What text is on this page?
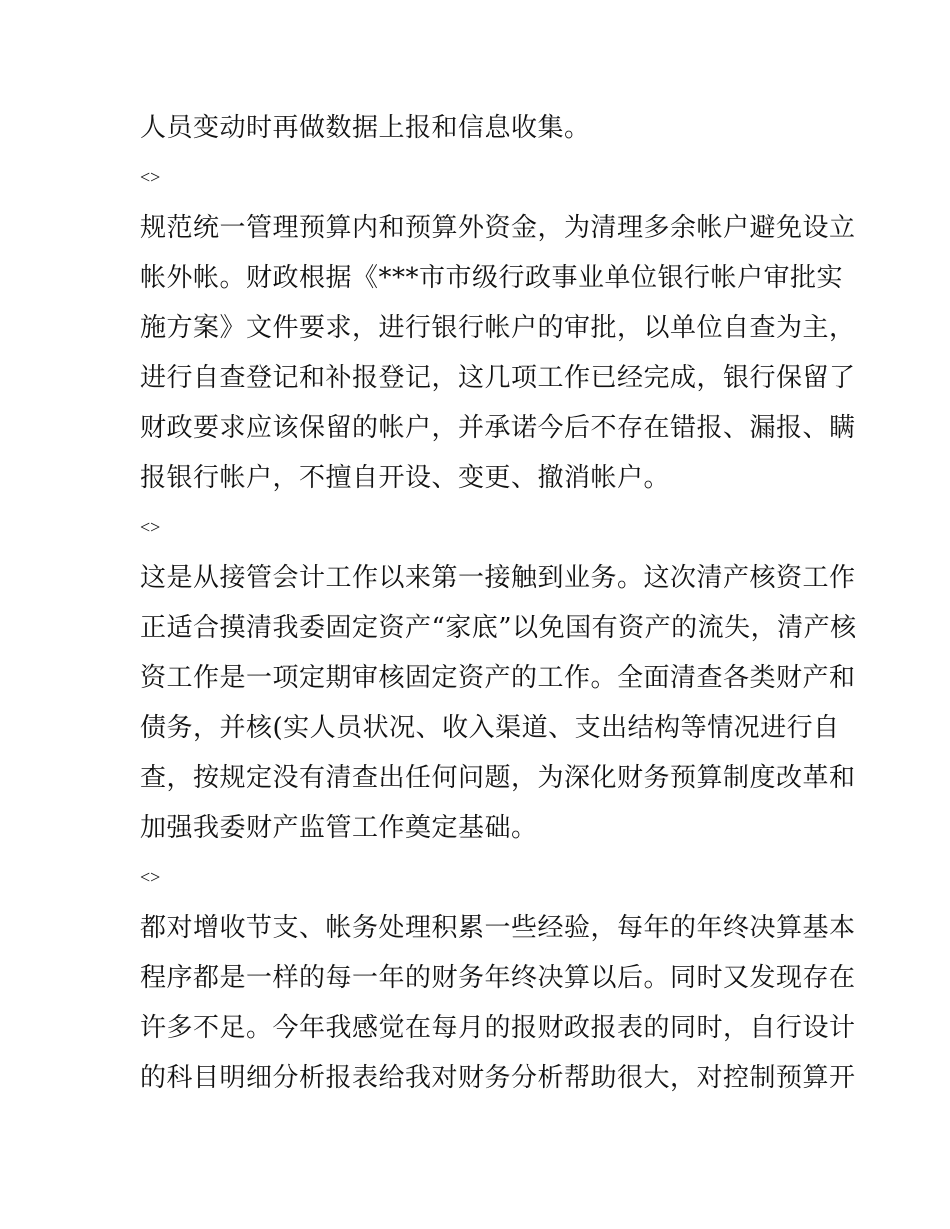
人员变动时再做数据上报和信息收集。
<>
规范统一管理预算内和预算外资金，为清理多余帐户避免设立
帐外帐。财政根据《***市市级行政事业单位银行帐户审批实
施方案》文件要求，进行银行帐户的审批，以单位自查为主，
进行自查登记和补报登记，这几项工作已经完成，银行保留了
财政要求应该保留的帐户，并承诺今后不存在错报、漏报、瞒
报银行帐户，不擅自开设、变更、撤消帐户。
<>
这是从接管会计工作以来第一接触到业务。这次清产核资工作
正适合摸清我委固定资产“家底”以免国有资产的流失，清产核
资工作是一项定期审核固定资产的工作。全面清查各类财产和
债务，并核(实人员状况、收入渠道、支出结构等情况进行自
查，按规定没有清查出任何问题，为深化财务预算制度改革和
加强我委财产监管工作奠定基础。
<>
都对增收节支、帐务处理积累一些经验，每年的年终决算基本
程序都是一样的每一年的财务年终决算以后。同时又发现存在
许多不足。今年我感觉在每月的报财政报表的同时，自行设计
的科目明细分析报表给我对财务分析帮助很大，对控制预算开
